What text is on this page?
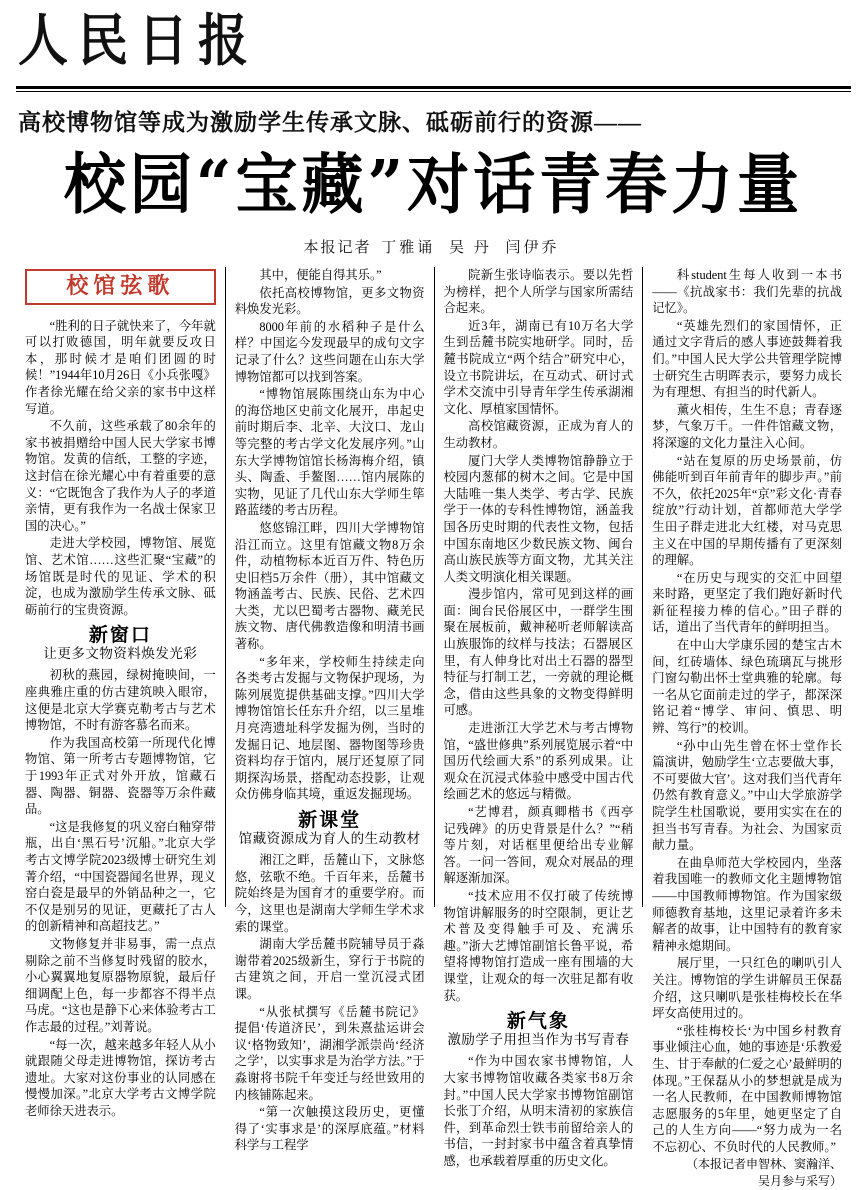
人民日报
高校博物馆等成为激励学生传承文脉、砥砺前行的资源——
校园“宝藏”对话青春力量
本报记者 丁雅诵 吴 丹 闫伊乔
校馆弦歌

“胜利的日子就快来了，今年就可以打败德国，明年就要反攻日本，那时候才是咱们团圆的时候！”1944年10月26日《小兵张嘎》作者徐光耀在给父亲的家书中这样写道。

不久前，这些承载了80余年的家书被捐赠给中国人民大学家书博物馆。发黄的信纸，工整的字迹，这封信在徐光耀心中有着重要的意义：“它既饱含了我作为人子的孝道亲情，更有我作为一名战士保家卫国的决心。”

走进大学校园，博物馆、展览馆、艺术馆……这些汇聚“宝藏”的场馆既是时代的见证、学术的积淀，也成为激励学生传承文脉、砥砺前行的宝贵资源。

新窗口
让更多文物资料焕发光彩

初秋的燕园，绿树掩映间，一座典雅庄重的仿古建筑映入眼帘，这便是北京大学赛克勒考古与艺术博物馆，不时有游客慕名而来。

作为我国高校第一所现代化博物馆、第一所考古专题博物馆，它于1993年正式对外开放，馆藏石器、陶器、铜器、瓷器等万余件藏品。

“这是我修复的巩义窑白釉穿带瓶，出自‘黑石号’沉船。”北京大学考古文博学院2023级博士研究生刘菁介绍，“中国瓷器闻名世界，现义窑白瓷是最早的外销品种之一，它不仅是别另的见证，更藏托了古人的创新精神和高超技艺。”

文物修复并非易事，需一点点剔除之前不当修复时残留的胶水，小心翼翼地复原器物原貌，最后仔细调配上色，每一步都容不得半点马虎。“这也是静下心来体验考古工作志最的过程。”刘菁说。

“每一次，越来越多年轻人从小就跟随父母走进博物馆，探访考古遗址。大家对这份事业的认同感在慢慢加深。”北京大学考古文博学院老师徐天进表示。

其中，便能自得其乐。”

依托高校博物馆，更多文物资料焕发光彩。

8000年前的水稻种子是什么样？中国迄今发现最早的成句文字记录了什么？这些问题在山东大学博物馆都可以找到答案。

“博物馆展陈围绕山东为中心的海岱地区史前文化展开，串起史前时期后李、北辛、大汶口、龙山等完整的考古学文化发展序列。”山东大学博物馆馆长杨海梅介绍，镇头、陶盉、手鳌图……馆内展陈的实物，见证了几代山东大学师生筚路蓝缕的考古历程。

悠悠锦江畔，四川大学博物馆沿江而立。这里有馆藏文物8万余件，动植物标本近百万件、特色历史旧档5万余件（册），其中馆藏文物涵盖考古、民族、民俗、艺术四大类，尤以巴蜀考古器物、藏羌民族文物、唐代佛教造像和明清书画著称。

“多年来，学校师生持续走向各类考古发掘与文物保护现场，为陈列展览提供基础支撑。”四川大学博物馆馆长任东升介绍，以三星堆月亮湾遗址科学发掘为例，当时的发掘日记、地层图、器物图等珍贵资料均存于馆内，展厅还复原了同期探沟场景，搭配动态投影，让观众仿佛身临其境，重返发掘现场。

新课堂
馆藏资源成为育人的生动教材

湘江之畔，岳麓山下，文脉悠悠，弦歌不绝。千百年来，岳麓书院始终是为国育才的重要学府。而今，这里也是湖南大学师生学术求索的课堂。

湖南大学岳麓书院辅导员于淼谢带着2025级新生，穿行于书院的古建筑之间，开启一堂沉浸式团课。

“从张栻撰写《岳麓书院记》提倡‘传道济民’，到朱熹盐运讲会议‘格物致知’，湖湘学派崇尚‘经济之学’，以实事求是为治学方法。”于淼谢将书院千年变迁与经世致用的内核铺陈起来。

“第一次触摸这段历史，更懂得了‘实事求是’的深厚底蕴。”材料科学与工程学

院新生张诗临表示。要以先哲为榜样，把个人所学与国家所需结合起来。

近3年，湖南已有10万名大学生到岳麓书院实地研学。同时，岳麓书院成立“两个结合”研究中心，设立书院讲坛，在互动式、研讨式学术交流中引导青年学生传承湖湘文化、厚植家国情怀。

高校馆藏资源，正成为育人的生动教材。

厦门大学人类博物馆静静立于校园内葱郁的树木之间。它是中国大陆唯一集人类学、考古学、民族学于一体的专科性博物馆，涵盖我国各历史时期的代表性文物，包括中国东南地区少数民族文物、闽台高山族民族等方面文物，尤其关注人类文明演化相关课题。

漫步馆内，常可见到这样的画面：闽台民俗展区中，一群学生围聚在展板前，戴神秘听老师解读高山族服饰的纹样与技法；石器展区里，有人伸身比对出土石器的器型特征与打制工艺，一旁就的理论概念，借由这些具象的文物变得鲜明可感。

走进浙江大学艺术与考古博物馆，“盛世修典”系列展览展示着“中国历代绘画大系”的系列成果。让观众在沉浸式体验中感受中国古代绘画艺术的悠远与精微。

“艺博君，颜真卿楷书《西亭记残碑》的历史背景是什么？”“稍等片刻，对话框里便给出专业解答。一问一答间，观众对展品的理解逐渐加深。

“技术应用不仅打破了传统博物馆讲解服务的时空限制，更让艺术普及变得触手可及、充满乐趣。”浙大艺博馆副馆长鲁平说，希望将博物馆打造成一座有围墙的大课堂，让观众的每一次驻足都有收获。

新气象
激励学子用担当作为书写青春

“作为中国农家书博物馆，人大家书博物馆收藏各类家书8万余封。”中国人民大学家书博物馆副馆长张丁介绍，从明末清初的家族信件，到革命烈士铁韦前留给亲人的书信，一封封家书中蕴含着真挚情感，也承载着厚重的历史文化。

科student生每人收到一本书——《抗战家书：我们先辈的抗战记忆》。

“英雄先烈们的家国情怀，正通过文字背后的感人事迹鼓舞着我们。”中国人民大学公共管理学院博士研究生古明晖表示，要努力成长为有理想、有担当的时代新人。

薰火相传，生生不息；青春逐梦，气象万千。一件件馆藏文物，将深邃的文化力量注入心间。

“站在复原的历史场景前，仿佛能听到百年前青年的脚步声。”前不久，依托2025年“京”彩文化·青春绽放”行动计划，首都师范大学学生田子群走进北大红楼，对马克思主义在中国的早期传播有了更深刻的理解。

“在历史与现实的交汇中回望来时路，更坚定了我们跑好新时代新征程接力棒的信心。”田子群的话，道出了当代青年的鲜明担当。

在中山大学康乐园的楚宝古木间，红砖墙体、绿色琉璃瓦与挑形门窗勾勒出怀士堂典雅的轮廓。每一名从它面前走过的学子，都深深铭记着“博学、审问、慎思、明辨、笃行”的校训。

“孙中山先生曾在怀士堂作长篇演讲，勉励学生‘立志要做大事，不可要做大官’。这对我们当代青年仍然有教育意义。”中山大学旅游学院学生杜国歌说，要用实实在在的担当书写青春。为社会、为国家贡献力量。

在曲阜师范大学校园内，坐落着我国唯一的教师文化主题博物馆——中国教师博物馆。作为国家级师德教育基地，这里记录着许多未解者的故事，让中国特有的教育家精神永熄期间。

展厅里，一只红色的喇叭引人关注。博物馆的学生讲解员王保磊介绍，这只喇叭是张桂梅校长在华坪女高使用过的。

“张桂梅校长‘为中国乡村教育事业倾注心血，她的事迹是‘乐教爱生、甘于奉献的仁爱之心’最鲜明的体现。”王保磊从小的梦想就是成为一名人民教师，在中国教师博物馆志愿服务的5年里，她更坚定了自己的人生方向——“努力成为一名不忘初心、不负时代的人民教师。”

（本报记者申智林、窦瀚洋、吴月参与采写）
